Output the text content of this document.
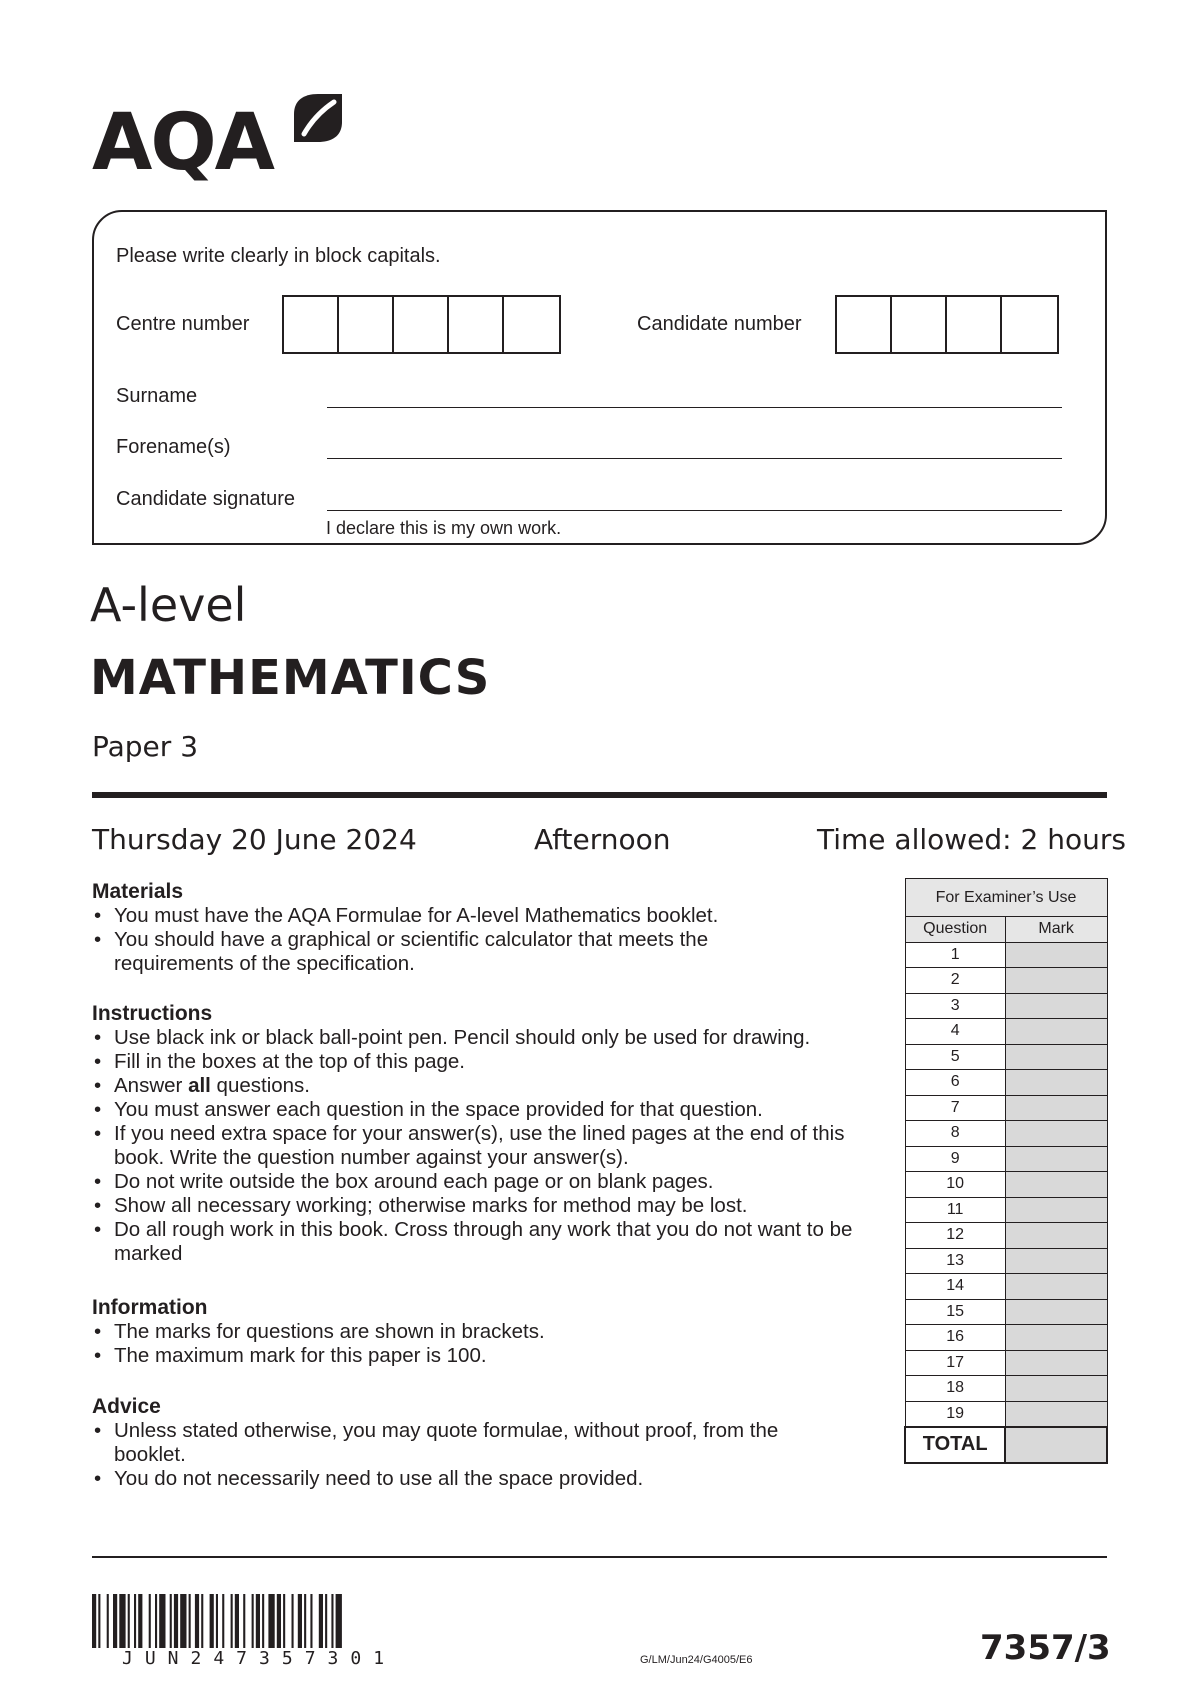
AQA
Please write clearly in block capitals.
Centre number	Candidate number
Surname
Forename(s)
Candidate signature
I declare this is my own work.
A-level
MATHEMATICS
Paper 3
Thursday 20 June 2024	Afternoon	Time allowed: 2 hours
Materials
• You must have the AQA Formulae for A-level Mathematics booklet.
• You should have a graphical or scientific calculator that meets the requirements of the specification.
Instructions
• Use black ink or black ball-point pen. Pencil should only be used for drawing.
• Fill in the boxes at the top of this page.
• Answer all questions.
• You must answer each question in the space provided for that question.
• If you need extra space for your answer(s), use the lined pages at the end of this book. Write the question number against your answer(s).
• Do not write outside the box around each page or on blank pages.
• Show all necessary working; otherwise marks for method may be lost.
• Do all rough work in this book. Cross through any work that you do not want to be marked
Information
• The marks for questions are shown in brackets.
• The maximum mark for this paper is 100.
Advice
• Unless stated otherwise, you may quote formulae, without proof, from the booklet.
• You do not necessarily need to use all the space provided.
For Examiner’s Use	
Question	Mark
1	
2	
3	
4	
5	
6	
7	
8	
9	
10	
11	
12	
13	
14	
15	
16	
17	
18	
19	
TOTAL	
JUN247357301	G/LM/Jun24/G4005/E6	7357/3
